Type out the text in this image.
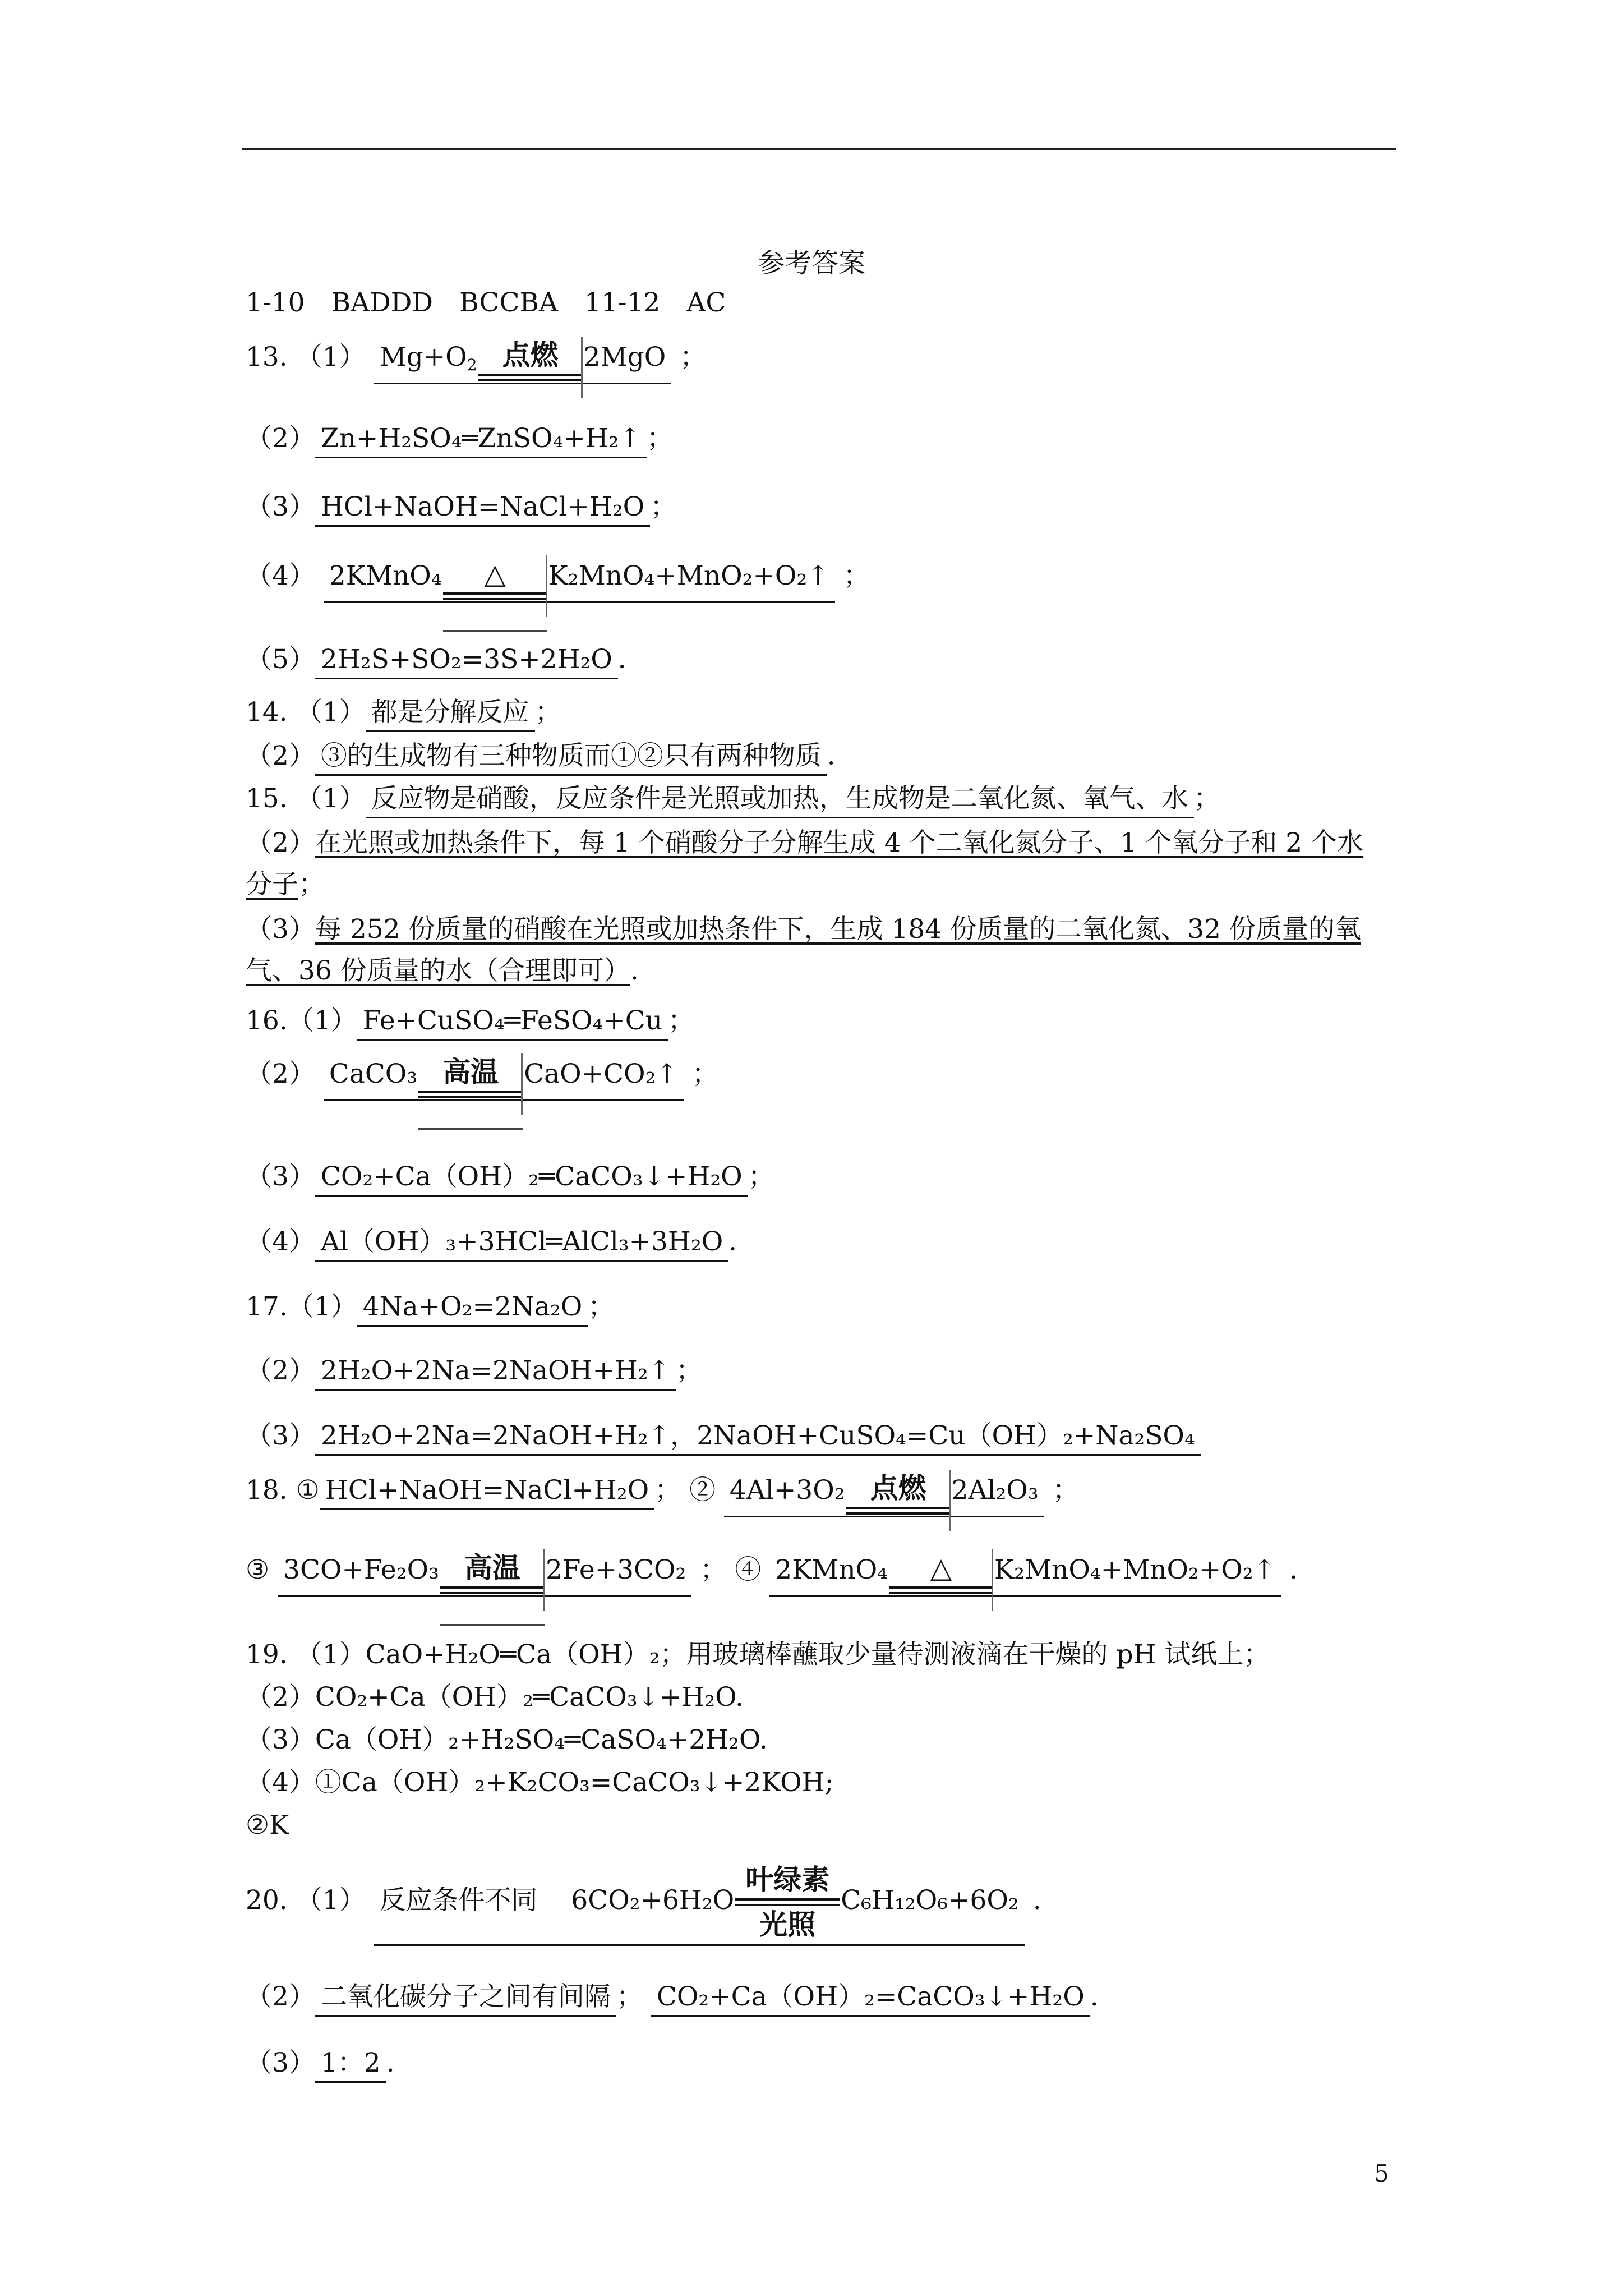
参考答案
1-10　BADDD　BCCBA　11-12　AC
13. （1） $Mg+O_2$ 点燃 2MgO ；
（2） Zn+H₂SO₄═ZnSO₄+H₂↑ ；
（3） HCl+NaOH=NaCl+H₂O ；
（4） 2KMnO₄	△	K₂MnO₄+MnO₂+O₂↑ ；
（5） 2H₂S+SO₂=3S+2H₂O ．
14. （1） 都是分解反应 ；
（2） ③的生成物有三种物质而①②只有两种物质 ．
15. （1） 反应物是硝酸，反应条件是光照或加热，生成物是二氧化氮、氧气、水 ；
（2）在光照或加热条件下，每 1 个硝酸分子分解生成 4 个二氧化氮分子、1 个氧分子和 2 个水分子；
（3）每 252 份质量的硝酸在光照或加热条件下，生成 184 份质量的二氧化氮、32 份质量的氧气、36 份质量的水（合理即可）.
16.（1） Fe+CuSO₄═FeSO₄+Cu ；
（2） CaCO₃ 高温 CaO+CO₂↑ ；
（3） CO₂+Ca（OH）₂═CaCO₃↓+H₂O ；
（4） Al（OH）₃+3HCl═AlCl₃+3H₂O ．
17.（1） 4Na+O₂=2Na₂O ；
（2） 2H₂O+2Na=2NaOH+H₂↑ ；
（3） 2H₂O+2Na=2NaOH+H₂↑，2NaOH+CuSO₄=Cu（OH）₂+Na₂SO₄
18. ① HCl+NaOH=NaCl+H₂O ； ② 4Al+3O₂ 点燃 2Al₂O₃ ；
③ 3CO+Fe₂O₃ 高温 2Fe+3CO₂ ； ④ 2KMnO₄	△	K₂MnO₄+MnO₂+O₂↑ .
19. （1）CaO+H₂O═Ca（OH）₂；用玻璃棒蘸取少量待测液滴在干燥的 pH 试纸上；
（2）CO₂+Ca（OH）₂═CaCO₃↓+H₂O.
（3）Ca（OH）₂+H₂SO₄═CaSO₄+2H₂O.
（4）①Ca（OH）₂+K₂CO₃=CaCO₃↓+2KOH;
②K
20. （1） 反应条件不同 6CO₂+6H₂O
叶绿素
光照
C₆H₁₂O₆+6O₂ .
（2） 二氧化碳分子之间有间隔 ； CO₂+Ca（OH）₂=CaCO₃↓+H₂O .
（3） 1：2 .
5
